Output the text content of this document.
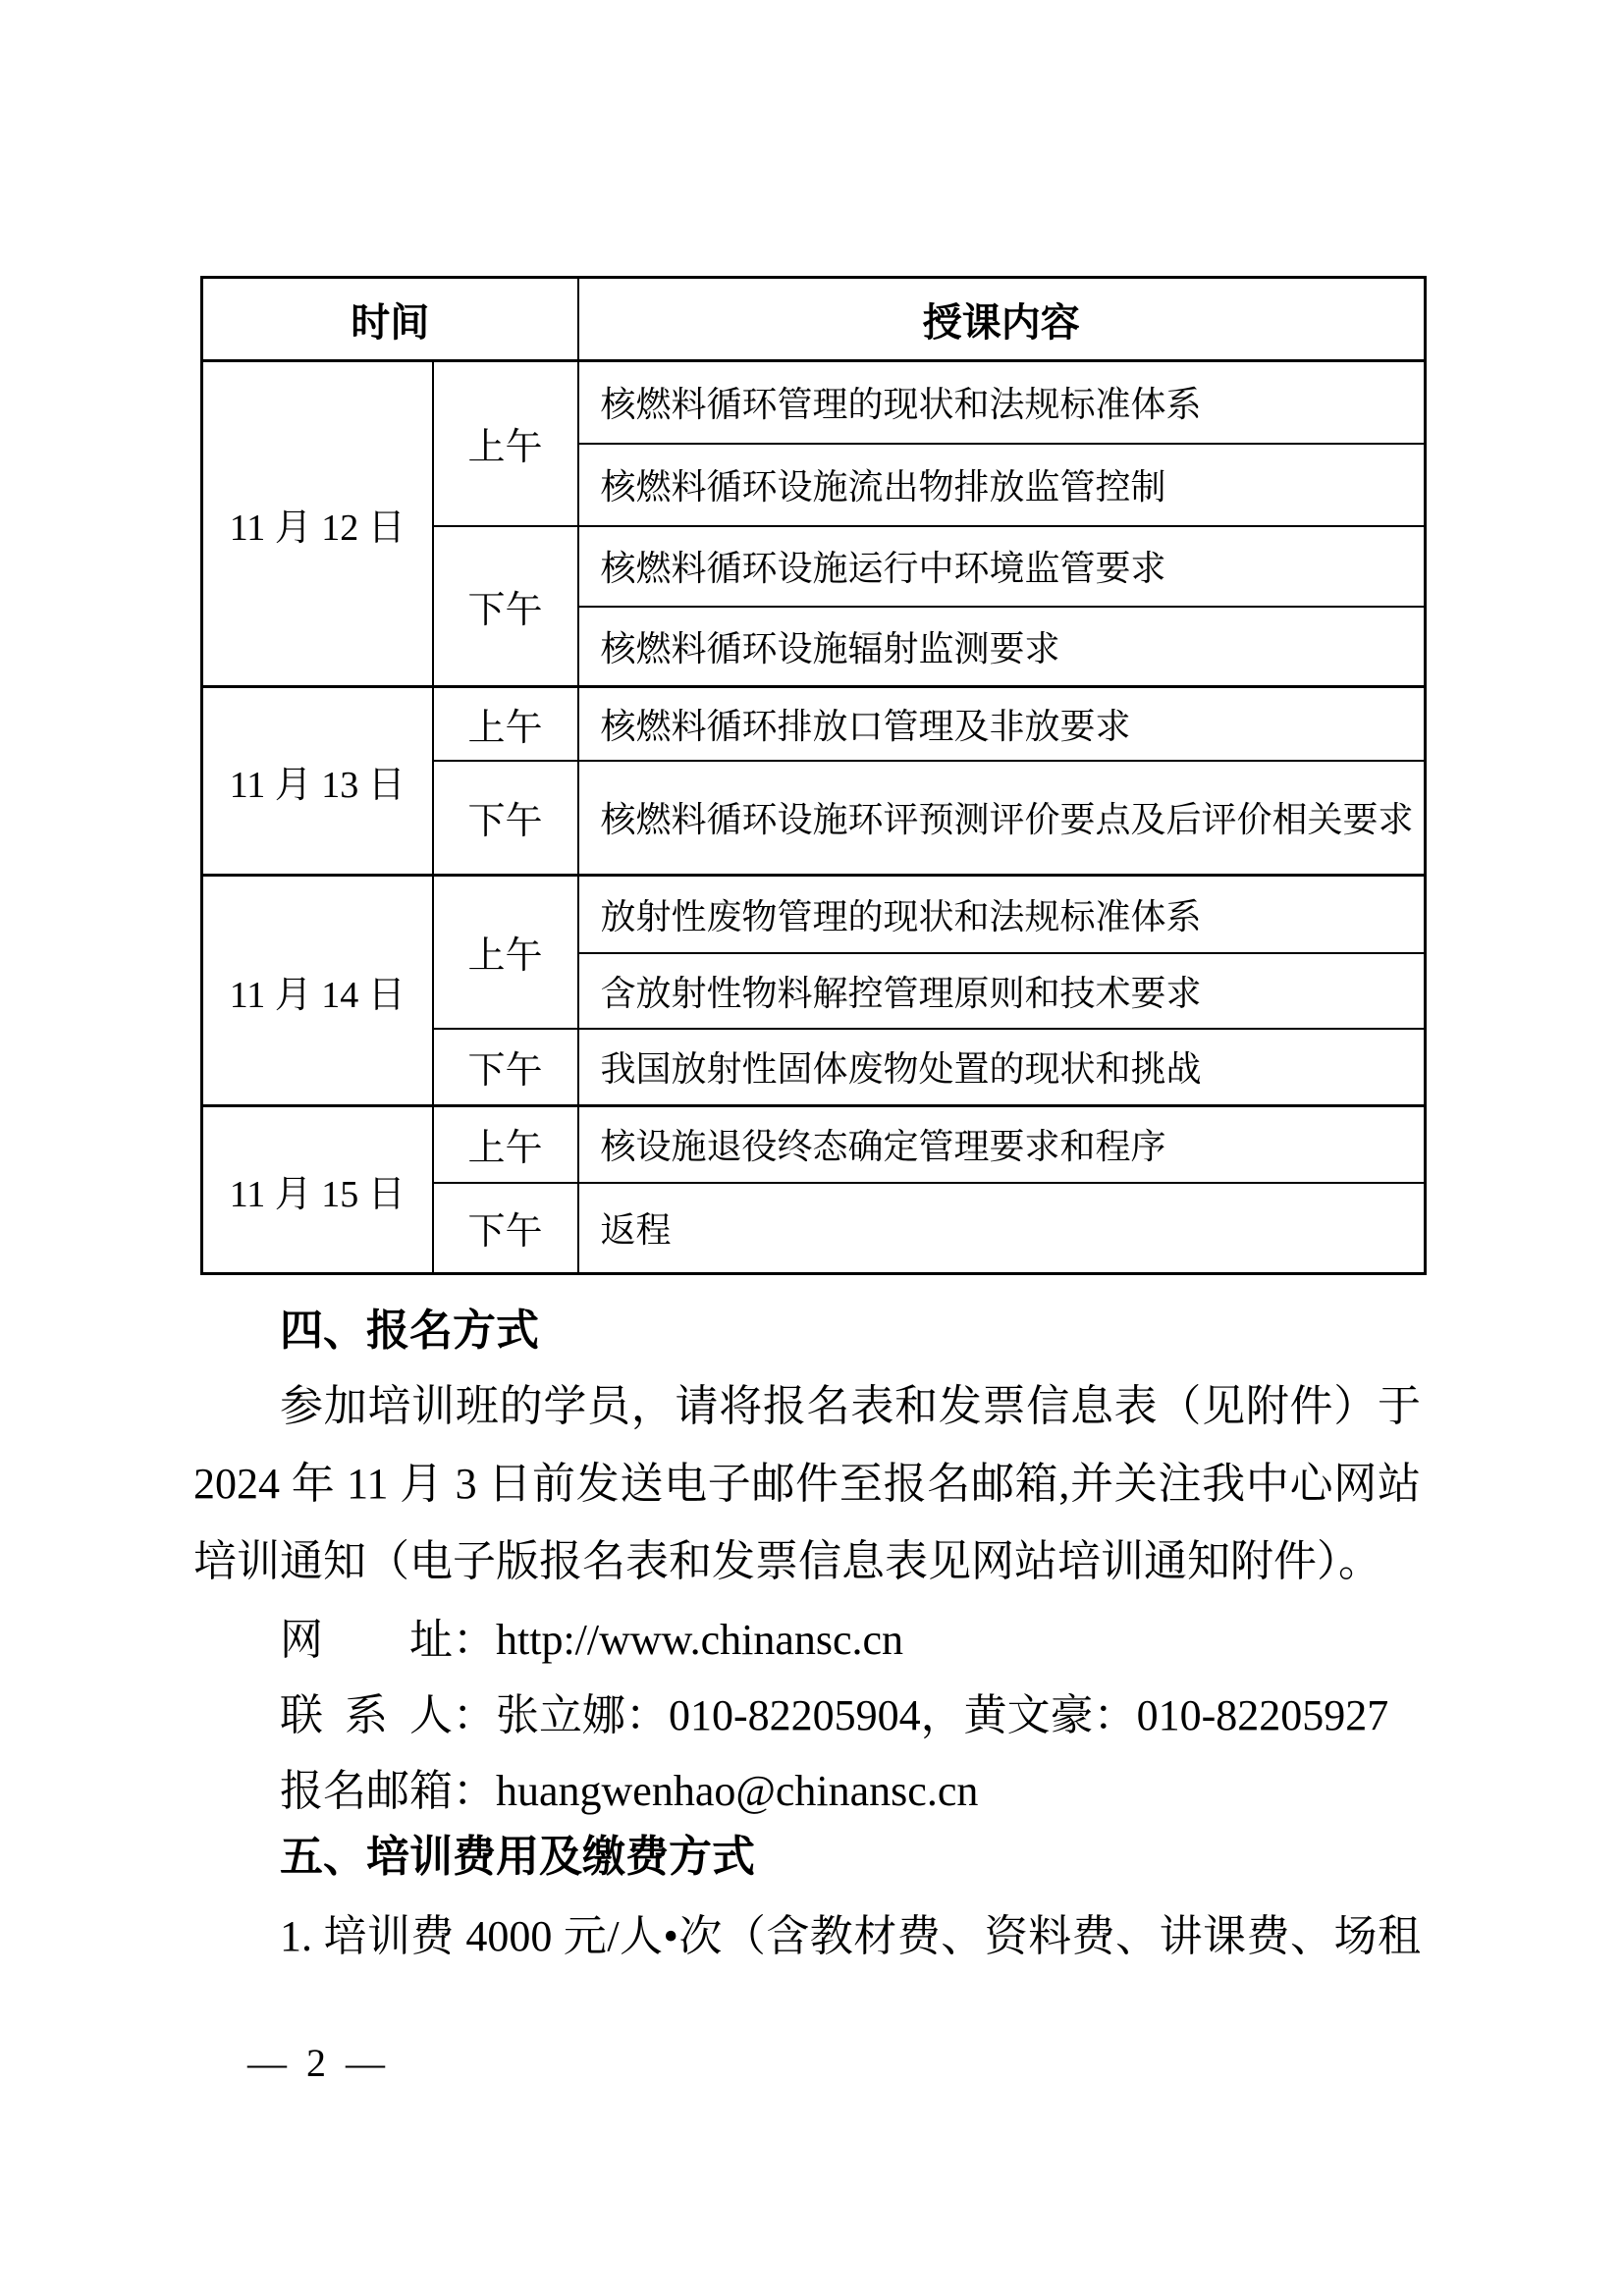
时间		授课内容
11 月 12 日	上午	核燃料循环管理的现状和法规标准体系
		核燃料循环设施流出物排放监管控制
	下午	核燃料循环设施运行中环境监管要求
		核燃料循环设施辐射监测要求
11 月 13 日	上午	核燃料循环排放口管理及非放要求
	下午	核燃料循环设施环评预测评价要点及后评价相关要求
11 月 14 日	上午	放射性废物管理的现状和法规标准体系
		含放射性物料解控管理原则和技术要求
	下午	我国放射性固体废物处置的现状和挑战
11 月 15 日	上午	核设施退役终态确定管理要求和程序
	下午	返程
四、报名方式
参加培训班的学员，请将报名表和发票信息表（见附件）于
2024 年 11 月 3 日前发送电子邮件至报名邮箱,并关注我中心网站
培训通知（电子版报名表和发票信息表见网站培训通知附件）。
网址：http://www.chinansc.cn
联系人：张立娜：010-82205904，黄文豪：010-82205927
报名邮箱：huangwenhao@chinansc.cn
五、培训费用及缴费方式
1. 培训费 4000 元/人•次（含教材费、资料费、讲课费、场租
— 2 —
